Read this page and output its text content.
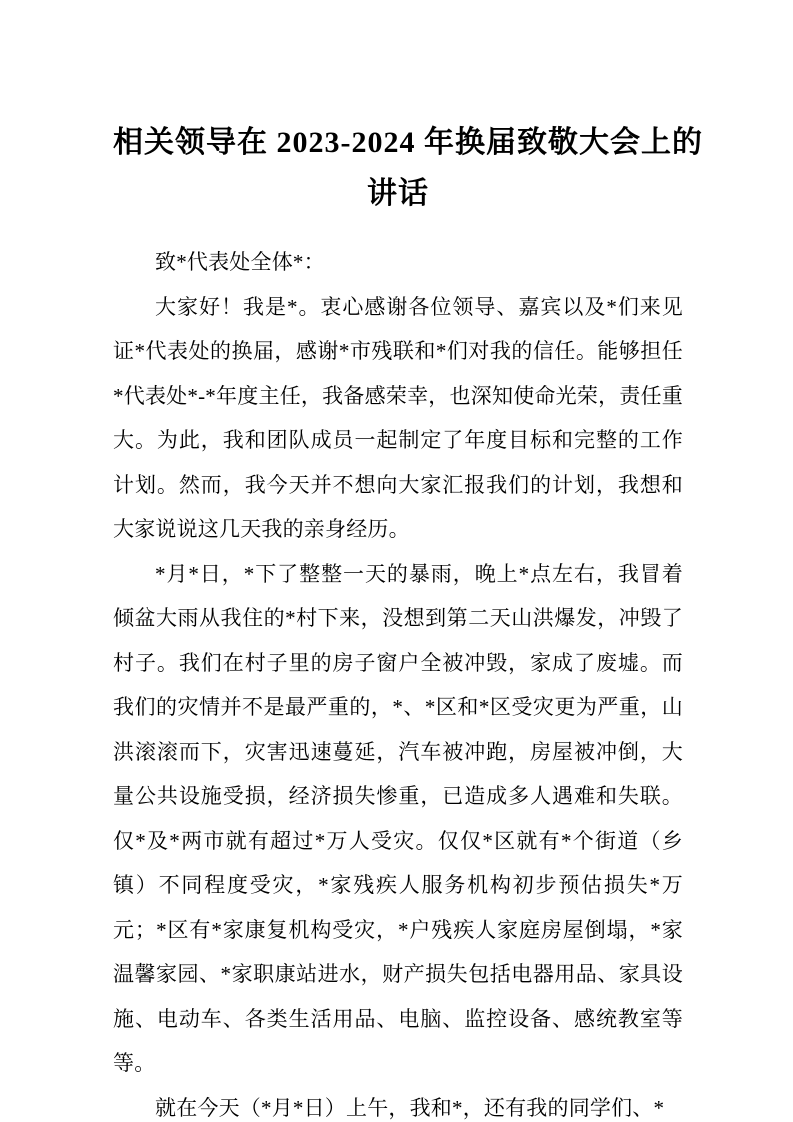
相关领导在 2023-2024 年换届致敬大会上的
讲话

致*代表处全体*：

大家好！我是*。衷心感谢各位领导、嘉宾以及*们来见证*代表处的换届，感谢*市残联和*们对我的信任。能够担任*代表处*-*年度主任，我备感荣幸，也深知使命光荣，责任重大。为此，我和团队成员一起制定了年度目标和完整的工作计划。然而，我今天并不想向大家汇报我们的计划，我想和大家说说这几天我的亲身经历。

*月*日，*下了整整一天的暴雨，晚上*点左右，我冒着倾盆大雨从我住的*村下来，没想到第二天山洪爆发，冲毁了村子。我们在村子里的房子窗户全被冲毁，家成了废墟。而我们的灾情并不是最严重的，*、*区和*区受灾更为严重，山洪滚滚而下，灾害迅速蔓延，汽车被冲跑，房屋被冲倒，大量公共设施受损，经济损失惨重，已造成多人遇难和失联。仅*及*两市就有超过*万人受灾。仅仅*区就有*个街道（乡镇）不同程度受灾，*家残疾人服务机构初步预估损失*万元；*区有*家康复机构受灾，*户残疾人家庭房屋倒塌，*家温馨家园、*家职康站进水，财产损失包括电器用品、家具设施、电动车、各类生活用品、电脑、监控设备、感统教室等等。

就在今天（*月*日）上午，我和*，还有我的同学们、*
